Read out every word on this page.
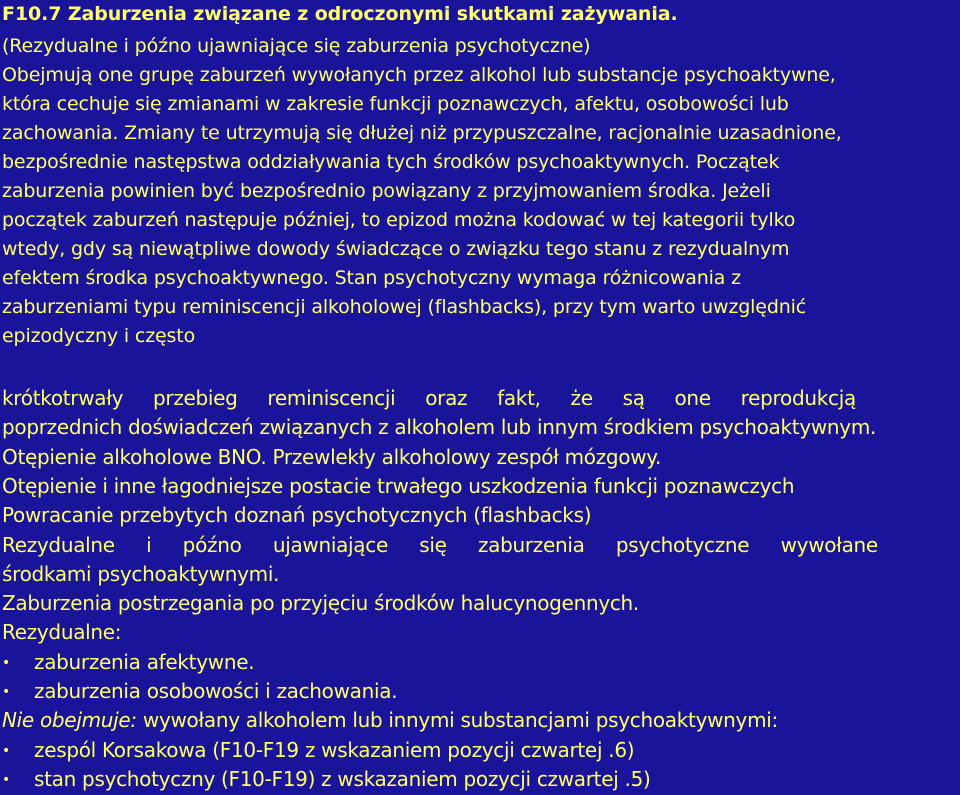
F10.7 Zaburzenia związane z odroczonymi skutkami zażywania.
(Rezydualne i późno ujawniające się zaburzenia psychotyczne)
Obejmują one grupę zaburzeń wywołanych przez alkohol lub substancje psychoaktywne,
która cechuje się zmianami w zakresie funkcji poznawczych, afektu, osobowości lub
zachowania. Zmiany te utrzymują się dłużej niż przypuszczalne, racjonalnie uzasadnione,
bezpośrednie następstwa oddziaływania tych środków psychoaktywnych. Początek
zaburzenia powinien być bezpośrednio powiązany z przyjmowaniem środka. Jeżeli
początek zaburzeń następuje później, to epizod można kodować w tej kategorii tylko
wtedy, gdy są niewątpliwe dowody świadczące o związku tego stanu z rezydualnym
efektem środka psychoaktywnego. Stan psychotyczny wymaga różnicowania z
zaburzeniami typu reminiscencji alkoholowej (flashbacks), przy tym warto uwzględnić
epizodyczny i często
krótkotrwały przebieg reminiscencji oraz fakt, że są one reprodukcją
poprzednich doświadczeń związanych z alkoholem lub innym środkiem psychoaktywnym.
Otępienie alkoholowe BNO. Przewlekły alkoholowy zespół mózgowy.
Otępienie i inne łagodniejsze postacie trwałego uszkodzenia funkcji poznawczych
Powracanie przebytych doznań psychotycznych (flashbacks)
Rezydualne i późno ujawniające się zaburzenia psychotyczne wywołane
środkami psychoaktywnymi.
Zaburzenia postrzegania po przyjęciu środków halucynogennych.
Rezydualne:
• zaburzenia afektywne.
• zaburzenia osobowości i zachowania.
Nie obejmuje: wywołany alkoholem lub innymi substancjami psychoaktywnymi:
• zespól Korsakowa (F10-F19 z wskazaniem pozycji czwartej .6)
• stan psychotyczny (F10-F19) z wskazaniem pozycji czwartej .5)
